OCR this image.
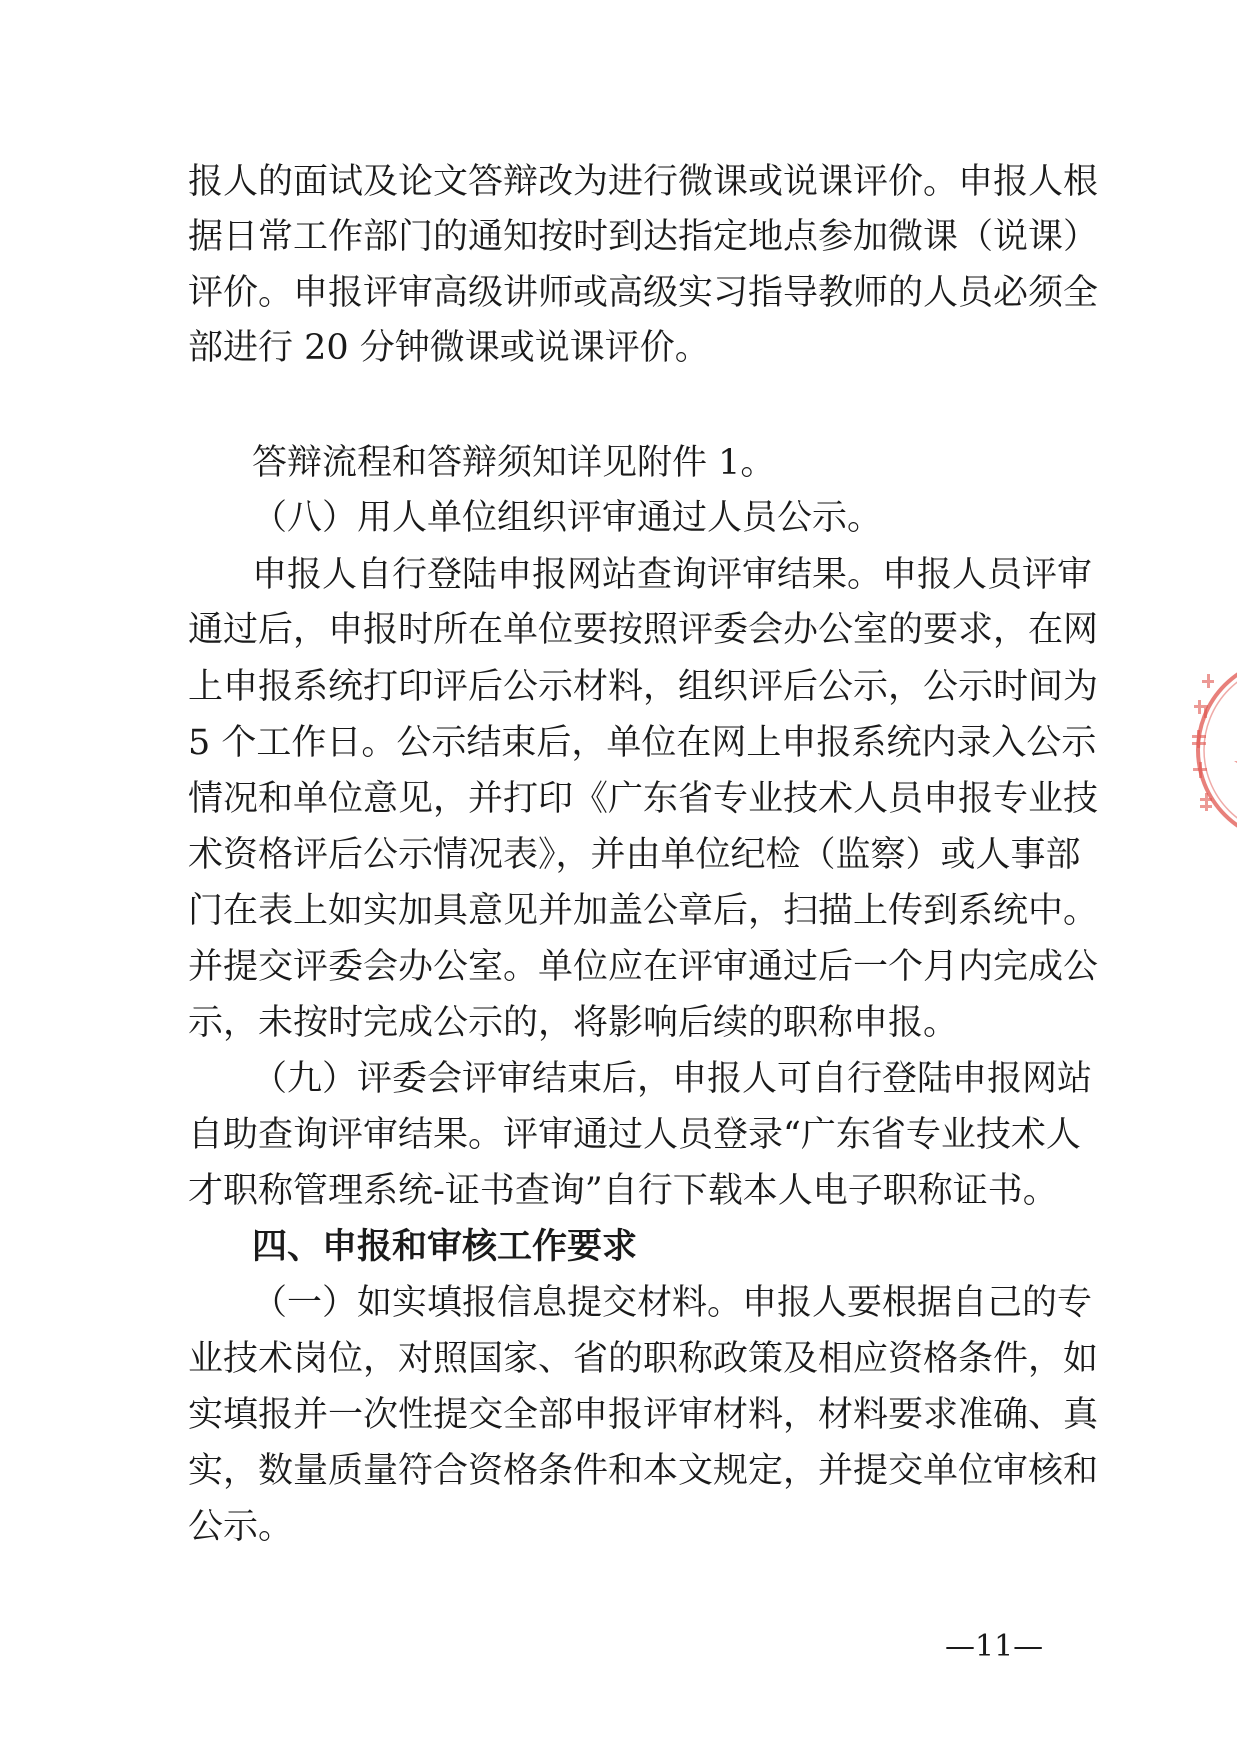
报人的面试及论文答辩改为进行微课或说课评价。申报人根
据日常工作部门的通知按时到达指定地点参加微课（说课）
评价。申报评审高级讲师或高级实习指导教师的人员必须全
部进行 20 分钟微课或说课评价。
答辩流程和答辩须知详见附件 1。
（八）用人单位组织评审通过人员公示。
申报人自行登陆申报网站查询评审结果。申报人员评审
通过后，申报时所在单位要按照评委会办公室的要求，在网
上申报系统打印评后公示材料，组织评后公示，公示时间为
5 个工作日。公示结束后，单位在网上申报系统内录入公示
情况和单位意见，并打印《广东省专业技术人员申报专业技
术资格评后公示情况表》，并由单位纪检（监察）或人事部
门在表上如实加具意见并加盖公章后，扫描上传到系统中。
并提交评委会办公室。单位应在评审通过后一个月内完成公
示，未按时完成公示的，将影响后续的职称申报。
（九）评委会评审结束后，申报人可自行登陆申报网站
自助查询评审结果。评审通过人员登录“广东省专业技术人
才职称管理系统-证书查询”自行下载本人电子职称证书。
四、申报和审核工作要求
（一）如实填报信息提交材料。申报人要根据自己的专
业技术岗位，对照国家、省的职称政策及相应资格条件，如
实填报并一次性提交全部申报评审材料，材料要求准确、真
实，数量质量符合资格条件和本文规定，并提交单位审核和
公示。
—11—
